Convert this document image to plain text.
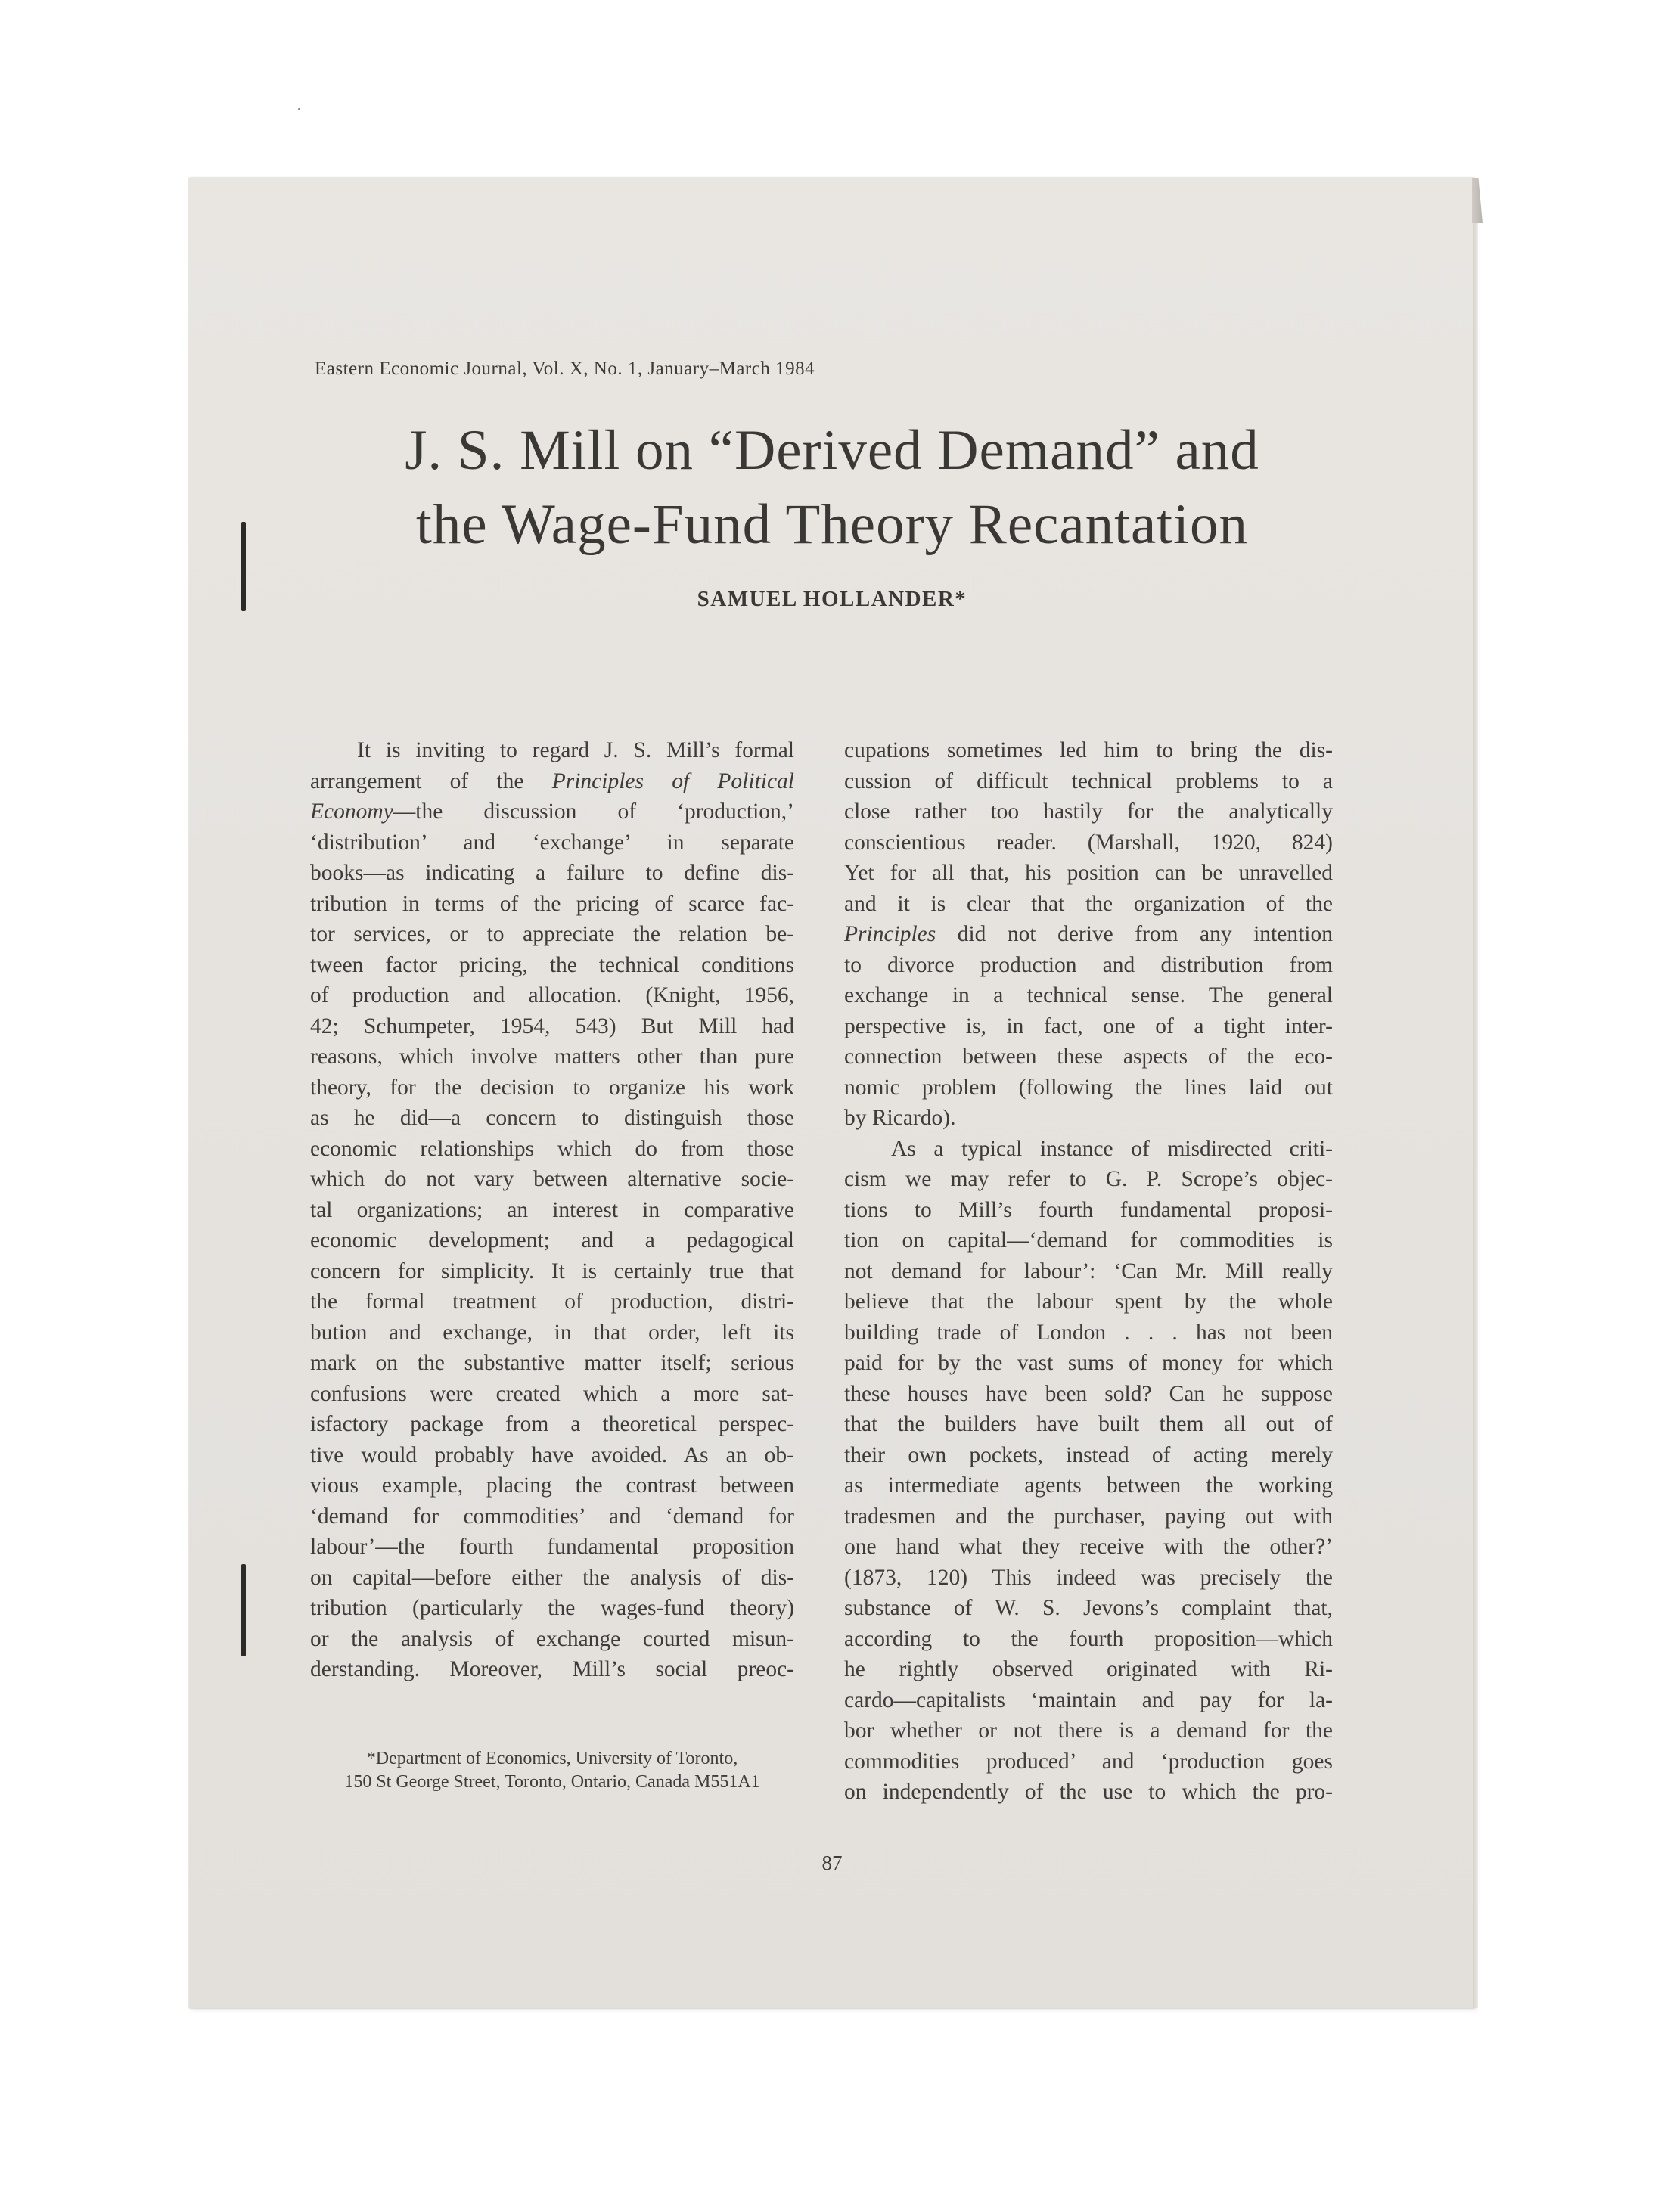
Eastern Economic Journal, Vol. X, No. 1, January–March 1984
J. S. Mill on “Derived Demand” and
the Wage-Fund Theory Recantation
SAMUEL HOLLANDER*
It is inviting to regard J. S. Mill’s formal
arrangement of the Principles of Political
Economy—the discussion of ‘production,’
‘distribution’ and ‘exchange’ in separate
books—as indicating a failure to define dis-
tribution in terms of the pricing of scarce fac-
tor services, or to appreciate the relation be-
tween factor pricing, the technical conditions
of production and allocation. (Knight, 1956,
42; Schumpeter, 1954, 543) But Mill had
reasons, which involve matters other than pure
theory, for the decision to organize his work
as he did—a concern to distinguish those
economic relationships which do from those
which do not vary between alternative socie-
tal organizations; an interest in comparative
economic development; and a pedagogical
concern for simplicity. It is certainly true that
the formal treatment of production, distri-
bution and exchange, in that order, left its
mark on the substantive matter itself; serious
confusions were created which a more sat-
isfactory package from a theoretical perspec-
tive would probably have avoided. As an ob-
vious example, placing the contrast between
‘demand for commodities’ and ‘demand for
labour’—the fourth fundamental proposition
on capital—before either the analysis of dis-
tribution (particularly the wages-fund theory)
or the analysis of exchange courted misun-
derstanding. Moreover, Mill’s social preoc-
cupations sometimes led him to bring the dis-
cussion of difficult technical problems to a
close rather too hastily for the analytically
conscientious reader. (Marshall, 1920, 824)
Yet for all that, his position can be unravelled
and it is clear that the organization of the
Principles did not derive from any intention
to divorce production and distribution from
exchange in a technical sense. The general
perspective is, in fact, one of a tight inter-
connection between these aspects of the eco-
nomic problem (following the lines laid out
by Ricardo).
As a typical instance of misdirected criti-
cism we may refer to G. P. Scrope’s objec-
tions to Mill’s fourth fundamental proposi-
tion on capital—‘demand for commodities is
not demand for labour’: ‘Can Mr. Mill really
believe that the labour spent by the whole
building trade of London . . . has not been
paid for by the vast sums of money for which
these houses have been sold? Can he suppose
that the builders have built them all out of
their own pockets, instead of acting merely
as intermediate agents between the working
tradesmen and the purchaser, paying out with
one hand what they receive with the other?’
(1873, 120) This indeed was precisely the
substance of W. S. Jevons’s complaint that,
according to the fourth proposition—which
he rightly observed originated with Ri-
cardo—capitalists ‘maintain and pay for la-
bor whether or not there is a demand for the
commodities produced’ and ‘production goes
on independently of the use to which the pro-
*Department of Economics, University of Toronto,
150 St George Street, Toronto, Ontario, Canada M551A1
87
